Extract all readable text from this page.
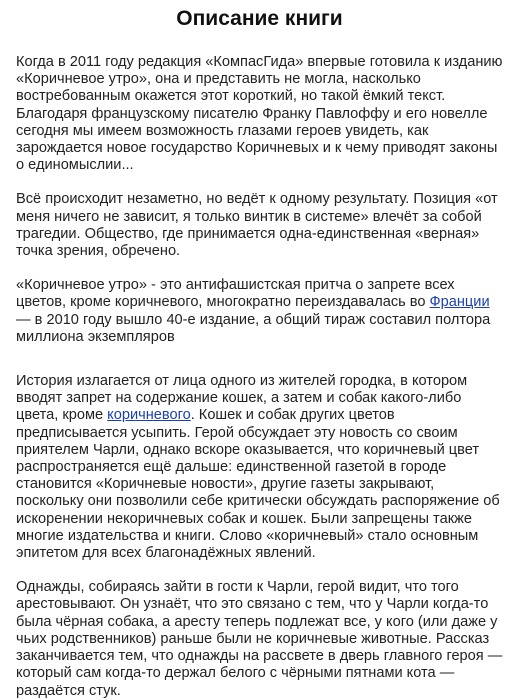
Описание книги

Когда в 2011 году редакция «КомпасГида» впервые готовила к изданию «Коричневое утро», она и представить не могла, насколько востребованным окажется этот короткий, но такой ёмкий текст. Благодаря французскому писателю Франку Павлоффу и его новелле сегодня мы имеем возможность глазами героев увидеть, как зарождается новое государство Коричневых и к чему приводят законы о единомыслии...

Всё происходит незаметно, но ведёт к одному результату. Позиция «от меня ничего не зависит, я только винтик в системе» влечёт за собой трагедии. Общество, где принимается одна-единственная «верная» точка зрения, обречено.

«Коричневое утро» - это антифашистская притча о запрете всех цветов, кроме коричневого, многократно переиздавалась во Франции — в 2010 году вышло 40-е издание, а общий тираж составил полтора миллиона экземпляров

История излагается от лица одного из жителей городка, в котором вводят запрет на содержание кошек, а затем и собак какого-либо цвета, кроме коричневого. Кошек и собак других цветов предписывается усыпить. Герой обсуждает эту новость со своим приятелем Чарли, однако вскоре оказывается, что коричневый цвет распространяется ещё дальше: единственной газетой в городе становится «Коричневые новости», другие газеты закрывают, поскольку они позволили себе критически обсуждать распоряжение об искоренении некоричневых собак и кошек. Были запрещены также многие издательства и книги. Слово «коричневый» стало основным эпитетом для всех благонадёжных явлений.

Однажды, собираясь зайти в гости к Чарли, герой видит, что того арестовывают. Он узнаёт, что это связано с тем, что у Чарли когда-то была чёрная собака, а аресту теперь подлежат все, у кого (или даже у чьих родственников) раньше были не коричневые животные. Рассказ заканчивается тем, что однажды на рассвете в дверь главного героя — который сам когда-то держал белого с чёрными пятнами кота — раздаётся стук.
